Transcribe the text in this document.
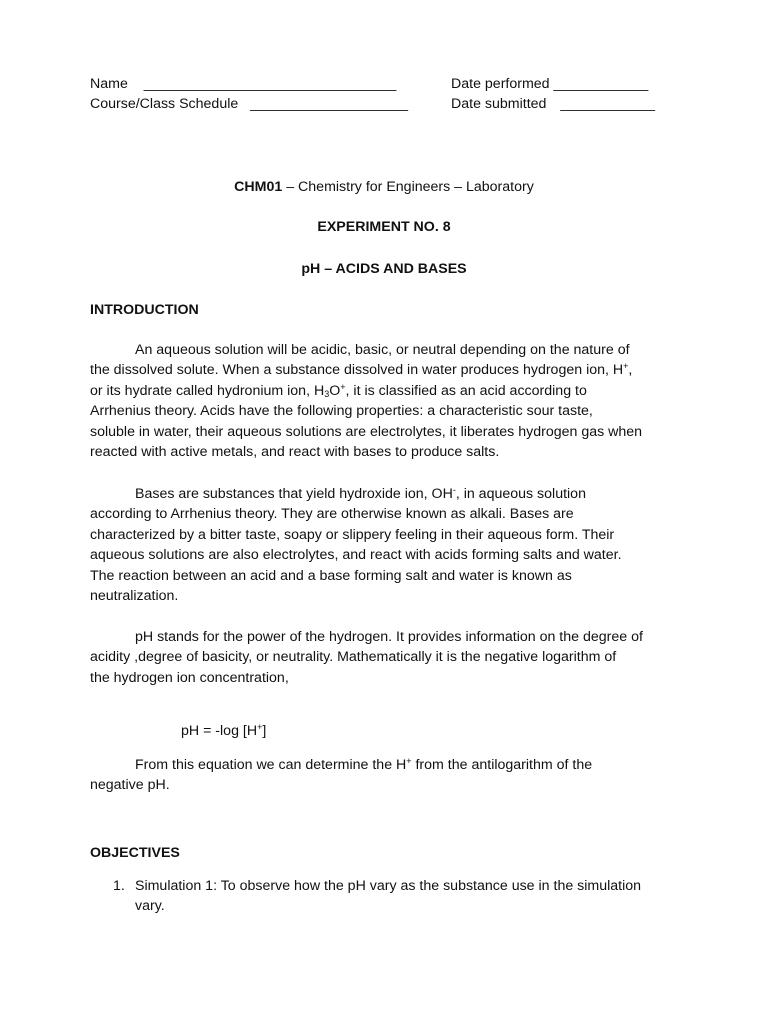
Name ________________________________	Date performed ____________
Course/Class Schedule ____________________	Date submitted ____________
CHM01 – Chemistry for Engineers – Laboratory
EXPERIMENT NO. 8
pH – ACIDS AND BASES
INTRODUCTION
An aqueous solution will be acidic, basic, or neutral depending on the nature of
the dissolved solute. When a substance dissolved in water produces hydrogen ion, H+,
or its hydrate called hydronium ion, $H_3O^+$, it is classified as an acid according to
Arrhenius theory. Acids have the following properties: a characteristic sour taste,
soluble in water, their aqueous solutions are electrolytes, it liberates hydrogen gas when
reacted with active metals, and react with bases to produce salts.
Bases are substances that yield hydroxide ion, OH-, in aqueous solution
according to Arrhenius theory. They are otherwise known as alkali. Bases are
characterized by a bitter taste, soapy or slippery feeling in their aqueous form. Their
aqueous solutions are also electrolytes, and react with acids forming salts and water.
The reaction between an acid and a base forming salt and water is known as
neutralization.
pH stands for the power of the hydrogen. It provides information on the degree of
acidity ,degree of basicity, or neutrality. Mathematically it is the negative logarithm of
the hydrogen ion concentration,
pH = -log [H+]
From this equation we can determine the H+ from the antilogarithm of the
negative pH.
OBJECTIVES
1. Simulation 1: To observe how the pH vary as the substance use in the simulation
vary.
